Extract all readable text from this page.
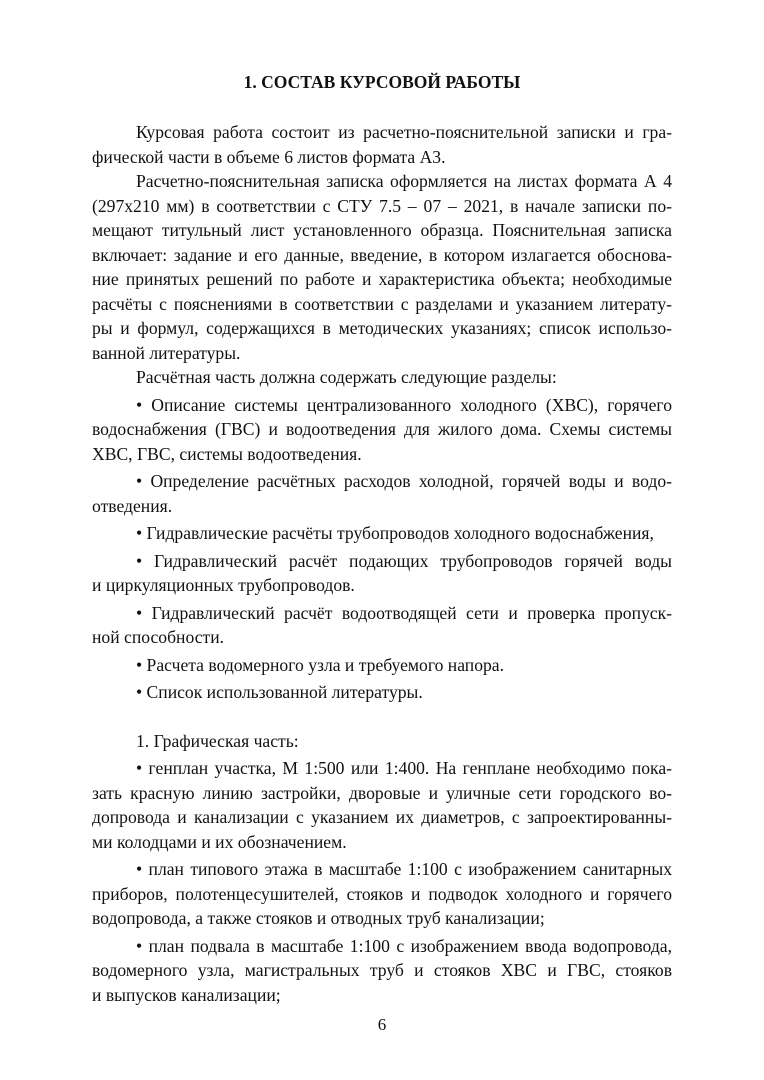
1. СОСТАВ КУРСОВОЙ РАБОТЫ
Курсовая работа состоит из расчетно-пояснительной записки и гра-
фической части в объеме 6 листов формата А3.
Расчетно-пояснительная записка оформляется на листах формата А 4
(297x210 мм) в соответствии с СТУ 7.5 – 07 – 2021, в начале записки по-
мещают титульный лист установленного образца. Пояснительная записка
включает: задание и его данные, введение, в котором излагается обоснова-
ние принятых решений по работе и характеристика объекта; необходимые
расчёты с пояснениями в соответствии с разделами и указанием литерату-
ры и формул, содержащихся в методических указаниях; список использо-
ванной литературы.
Расчётная часть должна содержать следующие разделы:
• Описание системы централизованного холодного (ХВС), горячего
водоснабжения (ГВС) и водоотведения для жилого дома. Схемы системы
ХВС, ГВС, системы водоотведения.
• Определение расчётных расходов холодной, горячей воды и водо-
отведения.
• Гидравлические расчёты трубопроводов холодного водоснабжения,
• Гидравлический расчёт подающих трубопроводов горячей воды
и циркуляционных трубопроводов.
• Гидравлический расчёт водоотводящей сети и проверка пропуск-
ной способности.
• Расчета водомерного узла и требуемого напора.
• Список использованной литературы.
1. Графическая часть:
• генплан участка, М 1:500 или 1:400. На генплане необходимо пока-
зать красную линию застройки, дворовые и уличные сети городского во-
допровода и канализации с указанием их диаметров, с запроектированны-
ми колодцами и их обозначением.
• план типового этажа в масштабе 1:100 с изображением санитарных
приборов, полотенцесушителей, стояков и подводок холодного и горячего
водопровода, а также стояков и отводных труб канализации;
• план подвала в масштабе 1:100 с изображением ввода водопровода,
водомерного узла, магистральных труб и стояков ХВС и ГВС, стояков
и выпусков канализации;
6
